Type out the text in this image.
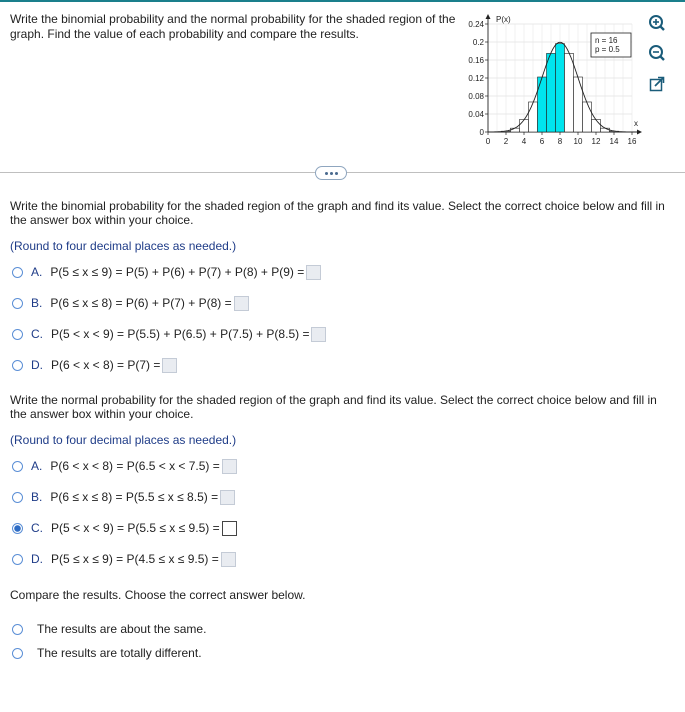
Write the binomial probability and the normal probability for the shaded region of the graph. Find the value of each probability and compare the results.
0.24
0.2
0.16
0.12
0.08
0.04
0
0 2 4 6 8 10 12 14 16
P(x)
x
n = 16
p = 0.5
Write the binomial probability for the shaded region of the graph and find its value. Select the correct choice below and fill in the answer box within your choice.
(Round to four decimal places as needed.)
A. P(5 ≤ x ≤ 9) = P(5) + P(6) + P(7) + P(8) + P(9) =
B. P(6 ≤ x ≤ 8) = P(6) + P(7) + P(8) =
C. P(5 < x < 9) = P(5.5) + P(6.5) + P(7.5) + P(8.5) =
D. P(6 < x < 8) = P(7) =
Write the normal probability for the shaded region of the graph and find its value. Select the correct choice below and fill in the answer box within your choice.
(Round to four decimal places as needed.)
A. P(6 < x < 8) = P(6.5 < x < 7.5) =
B. P(6 ≤ x ≤ 8) = P(5.5 ≤ x ≤ 8.5) =
C. P(5 < x < 9) = P(5.5 ≤ x ≤ 9.5) =
D. P(5 ≤ x ≤ 9) = P(4.5 ≤ x ≤ 9.5) =
Compare the results. Choose the correct answer below.
The results are about the same.
The results are totally different.
